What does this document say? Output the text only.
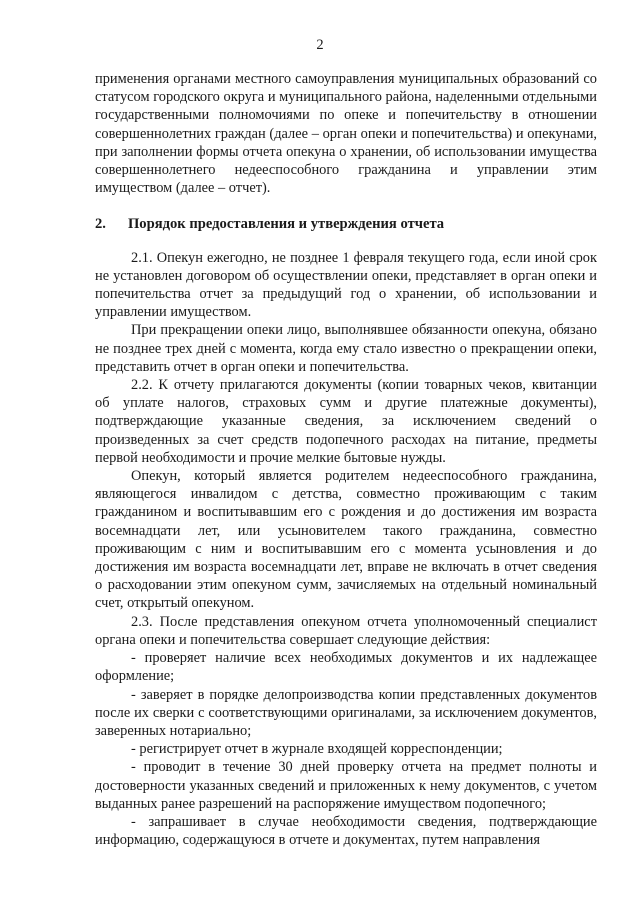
2

применения органами местного самоуправления муниципальных образований со статусом городского округа и муниципального района, наделенными отдельными государственными полномочиями по опеке и попечительству в отношении совершеннолетних граждан (далее – орган опеки и попечительства) и опекунами, при заполнении формы отчета опекуна о хранении, об использовании имущества совершеннолетнего недееспособного гражданина и управлении этим имуществом (далее – отчет).

2. Порядок предоставления и утверждения отчета

2.1. Опекун ежегодно, не позднее 1 февраля текущего года, если иной срок не установлен договором об осуществлении опеки, представляет в орган опеки и попечительства отчет за предыдущий год о хранении, об использовании и управлении имуществом.

При прекращении опеки лицо, выполнявшее обязанности опекуна, обязано не позднее трех дней с момента, когда ему стало известно о прекращении опеки, представить отчет в орган опеки и попечительства.

2.2. К отчету прилагаются документы (копии товарных чеков, квитанции об уплате налогов, страховых сумм и другие платежные документы), подтверждающие указанные сведения, за исключением сведений о произведенных за счет средств подопечного расходах на питание, предметы первой необходимости и прочие мелкие бытовые нужды.

Опекун, который является родителем недееспособного гражданина, являющегося инвалидом с детства, совместно проживающим с таким гражданином и воспитывавшим его с рождения и до достижения им возраста восемнадцати лет, или усыновителем такого гражданина, совместно проживающим с ним и воспитывавшим его с момента усыновления и до достижения им возраста восемнадцати лет, вправе не включать в отчет сведения о расходовании этим опекуном сумм, зачисляемых на отдельный номинальный счет, открытый опекуном.

2.3. После представления опекуном отчета уполномоченный специалист органа опеки и попечительства совершает следующие действия:

- проверяет наличие всех необходимых документов и их надлежащее оформление;

- заверяет в порядке делопроизводства копии представленных документов после их сверки с соответствующими оригиналами, за исключением документов, заверенных нотариально;

- регистрирует отчет в журнале входящей корреспонденции;

- проводит в течение 30 дней проверку отчета на предмет полноты и достоверности указанных сведений и приложенных к нему документов, с учетом выданных ранее разрешений на распоряжение имуществом подопечного;

- запрашивает в случае необходимости сведения, подтверждающие информацию, содержащуюся в отчете и документах, путем направления
